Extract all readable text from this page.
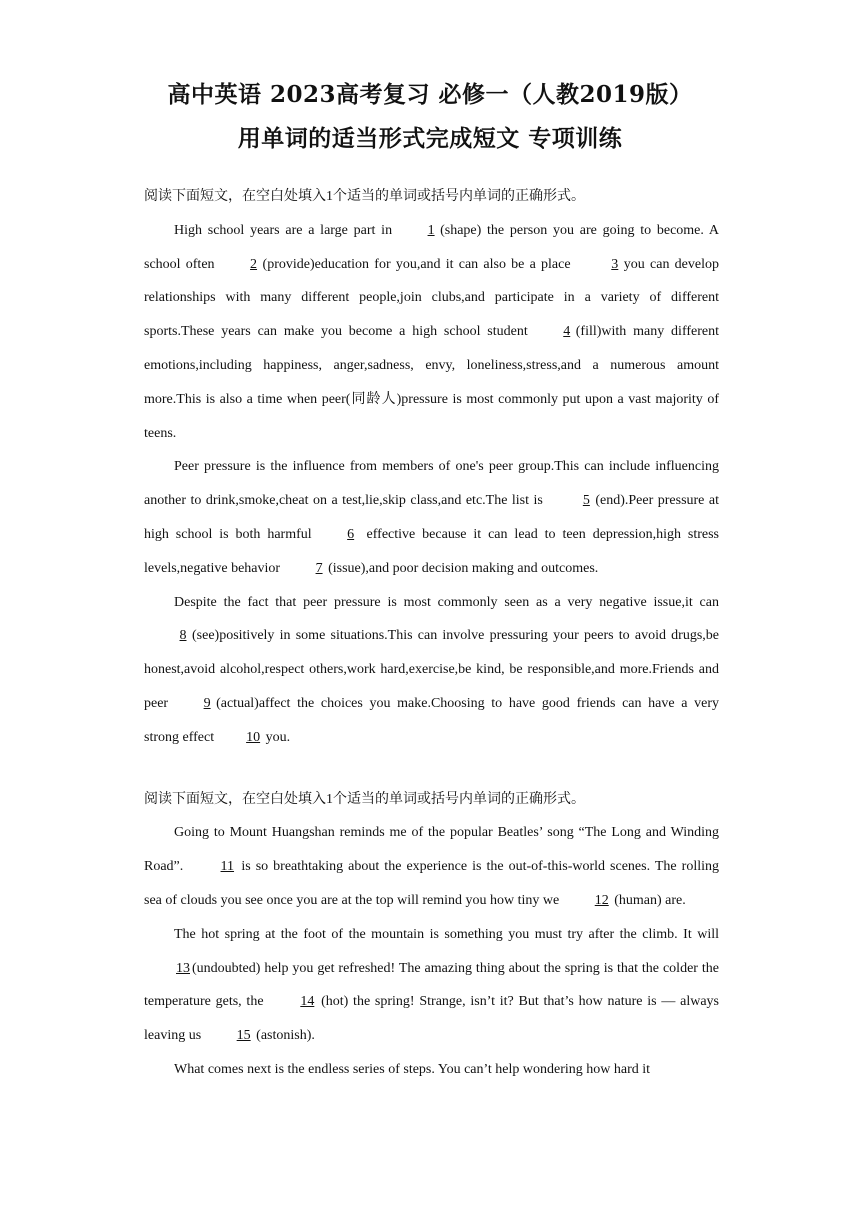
高中英语 2023高考复习 必修一（人教2019版）
用单词的适当形式完成短文 专项训练

阅读下面短文，在空白处填入1个适当的单词或括号内单词的正确形式。

High school years are a large part in	1 (shape) the person you are going to become. A school often	2 (provide)education for you,and it can also be a place	3 you can develop relationships with many different people,join clubs,and participate in a variety of different sports.These years can make you become a high school student	4 (fill)with many different emotions,including happiness, anger,sadness, envy, loneliness,stress,and a numerous amount more.This is also a time when peer(同龄人)pressure is most commonly put upon a vast majority of teens.

Peer pressure is the influence from members of one's peer group.This can include influencing another to drink,smoke,cheat on a test,lie,skip class,and etc.The list is	5 (end).Peer pressure at high school is both harmful	6 effective because it can lead to teen depression,high stress levels,negative behavior	7 (issue),and poor decision making and outcomes.

Despite the fact that peer pressure is most commonly seen as a very negative issue,it can 8 (see)positively in some situations.This can involve pressuring your peers to avoid drugs,be honest,avoid alcohol,respect others,work hard,exercise,be kind, be responsible,and more.Friends and peer	9 (actual)affect the choices you make.Choosing to have good friends can have a very strong effect 10 you.

阅读下面短文，在空白处填入1个适当的单词或括号内单词的正确形式。

Going to Mount Huangshan reminds me of the popular Beatles’ song “The Long and Winding Road”. 11 is so breathtaking about the experience is the out-of-this-world scenes. The rolling sea of clouds you see once you are at the top will remind you how tiny we 12 (human) are.

The hot spring at the foot of the mountain is something you must try after the climb. It will 13 (undoubted) help you get refreshed! The amazing thing about the spring is that the colder the temperature gets, the 14 (hot) the spring! Strange, isn’t it? But that’s how nature is — always leaving us 15 (astonish).

What comes next is the endless series of steps. You can’t help wondering how hard it
